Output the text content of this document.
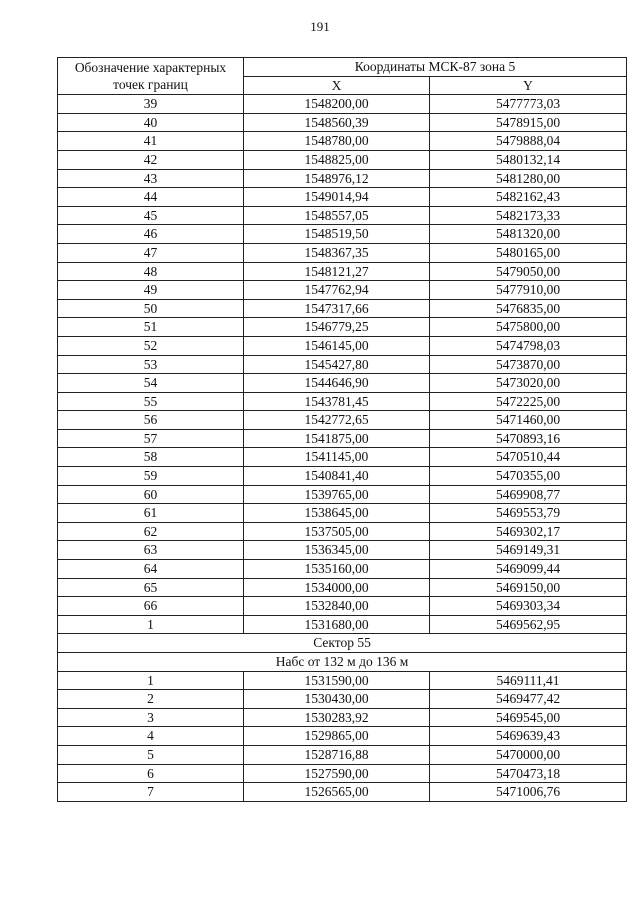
191
Обозначение характерных точек границ	Координаты МСК-87 зона 5	
	X	Y
39	1548200,00	5477773,03
40	1548560,39	5478915,00
41	1548780,00	5479888,04
42	1548825,00	5480132,14
43	1548976,12	5481280,00
44	1549014,94	5482162,43
45	1548557,05	5482173,33
46	1548519,50	5481320,00
47	1548367,35	5480165,00
48	1548121,27	5479050,00
49	1547762,94	5477910,00
50	1547317,66	5476835,00
51	1546779,25	5475800,00
52	1546145,00	5474798,03
53	1545427,80	5473870,00
54	1544646,90	5473020,00
55	1543781,45	5472225,00
56	1542772,65	5471460,00
57	1541875,00	5470893,16
58	1541145,00	5470510,44
59	1540841,40	5470355,00
60	1539765,00	5469908,77
61	1538645,00	5469553,79
62	1537505,00	5469302,17
63	1536345,00	5469149,31
64	1535160,00	5469099,44
65	1534000,00	5469150,00
66	1532840,00	5469303,34
1	1531680,00	5469562,95
Сектор 55		
Набс от 132 м до 136 м		
1	1531590,00	5469111,41
2	1530430,00	5469477,42
3	1530283,92	5469545,00
4	1529865,00	5469639,43
5	1528716,88	5470000,00
6	1527590,00	5470473,18
7	1526565,00	5471006,76
